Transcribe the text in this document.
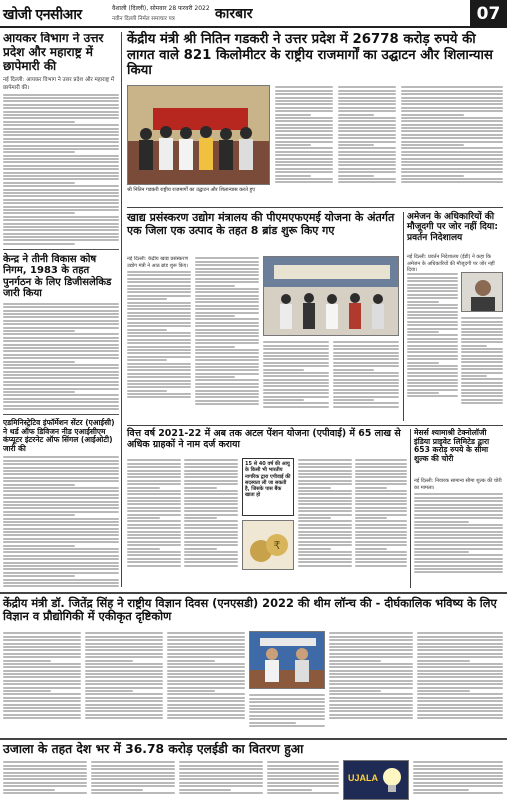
खोजी एनसीआर	वैशाली (दिल्ली), सोमवार 28 फरवरी 2022
नवीन दिल्ली निर्मल समाचार पत्र	कारबार	07
आयकर विभाग ने उत्तर प्रदेश और महाराष्ट्र में छापेमारी की
नई दिल्ली: आयकर विभाग ने उत्तर प्रदेश और महाराष्ट्र में छापेमारी की।
केन्द्र ने तीनी विकास कोष निगम, 1983 के तहत पुनर्गठन के लिए डिजीसलेकिड जारी किया
एडमिनिस्ट्रेटिव इंफॉर्मेशन सेंटर (एआईसी) ने थर्ड ऑफ डिविजन नीड एआईसीएम कंप्यूटर इंटरनेट ऑफ सिंगल (आईओटी) जारी की
केंद्रीय मंत्री श्री नितिन गडकरी ने उत्तर प्रदेश में 26778 करोड़ रुपये की लागत वाले 821 किलोमीटर के राष्ट्रीय राजमार्गों का उद्घाटन और शिलान्यास किया
श्री नितिन गडकरी राष्ट्रीय राजमार्गों का उद्घाटन और शिलान्यास करते हुए
खाद्य प्रसंस्करण उद्योग मंत्रालय की पीएमएफएमई योजना के अंतर्गत एक जिला एक उत्पाद के तहत 8 ब्रांड शुरू किए गए
नई दिल्ली: केंद्रीय खाद्य प्रसंस्करण उद्योग मंत्री ने आठ ब्रांड शुरू किए।
अमेजन के अधिकारियों की मौजूदगी पर जोर नहीं दिया: प्रवर्तन निदेशालय
नई दिल्ली: प्रवर्तन निदेशालय (ईडी) ने कहा कि अमेजन के अधिकारियों की मौजूदगी पर जोर नहीं दिया।
वित्त वर्ष 2021-22 में अब तक अटल पेंशन योजना (एपीवाई) में 65 लाख से अधिक ग्राहकों ने नाम दर्ज कराया
15 से 40 वर्ष की आयु के किसी भी भारतीय नागरिक द्वारा एपीवाई की सदस्यता ली जा सकती है, जिसके पास बैंक खाता हो
₹
मेसर्स श्यामाश्री टेक्नोलॉजी इंडिया प्राइवेट लिमिटेड द्वारा 653 करोड़ रुपये के सीमा शुल्क की चोरी
नई दिल्ली: निवारक सामान्य सीमा शुल्क की चोरी का मामला।
केंद्रीय मंत्री डॉ. जितेंद्र सिंह ने राष्ट्रीय विज्ञान दिवस (एनएसडी) 2022 की थीम लॉन्च की - दीर्घकालिक भविष्य के लिए विज्ञान व प्रौद्योगिकी में एकीकृत दृष्टिकोण
उजाला के तहत देश भर में 36.78 करोड़ एलईडी का वितरण हुआ
UJALA
